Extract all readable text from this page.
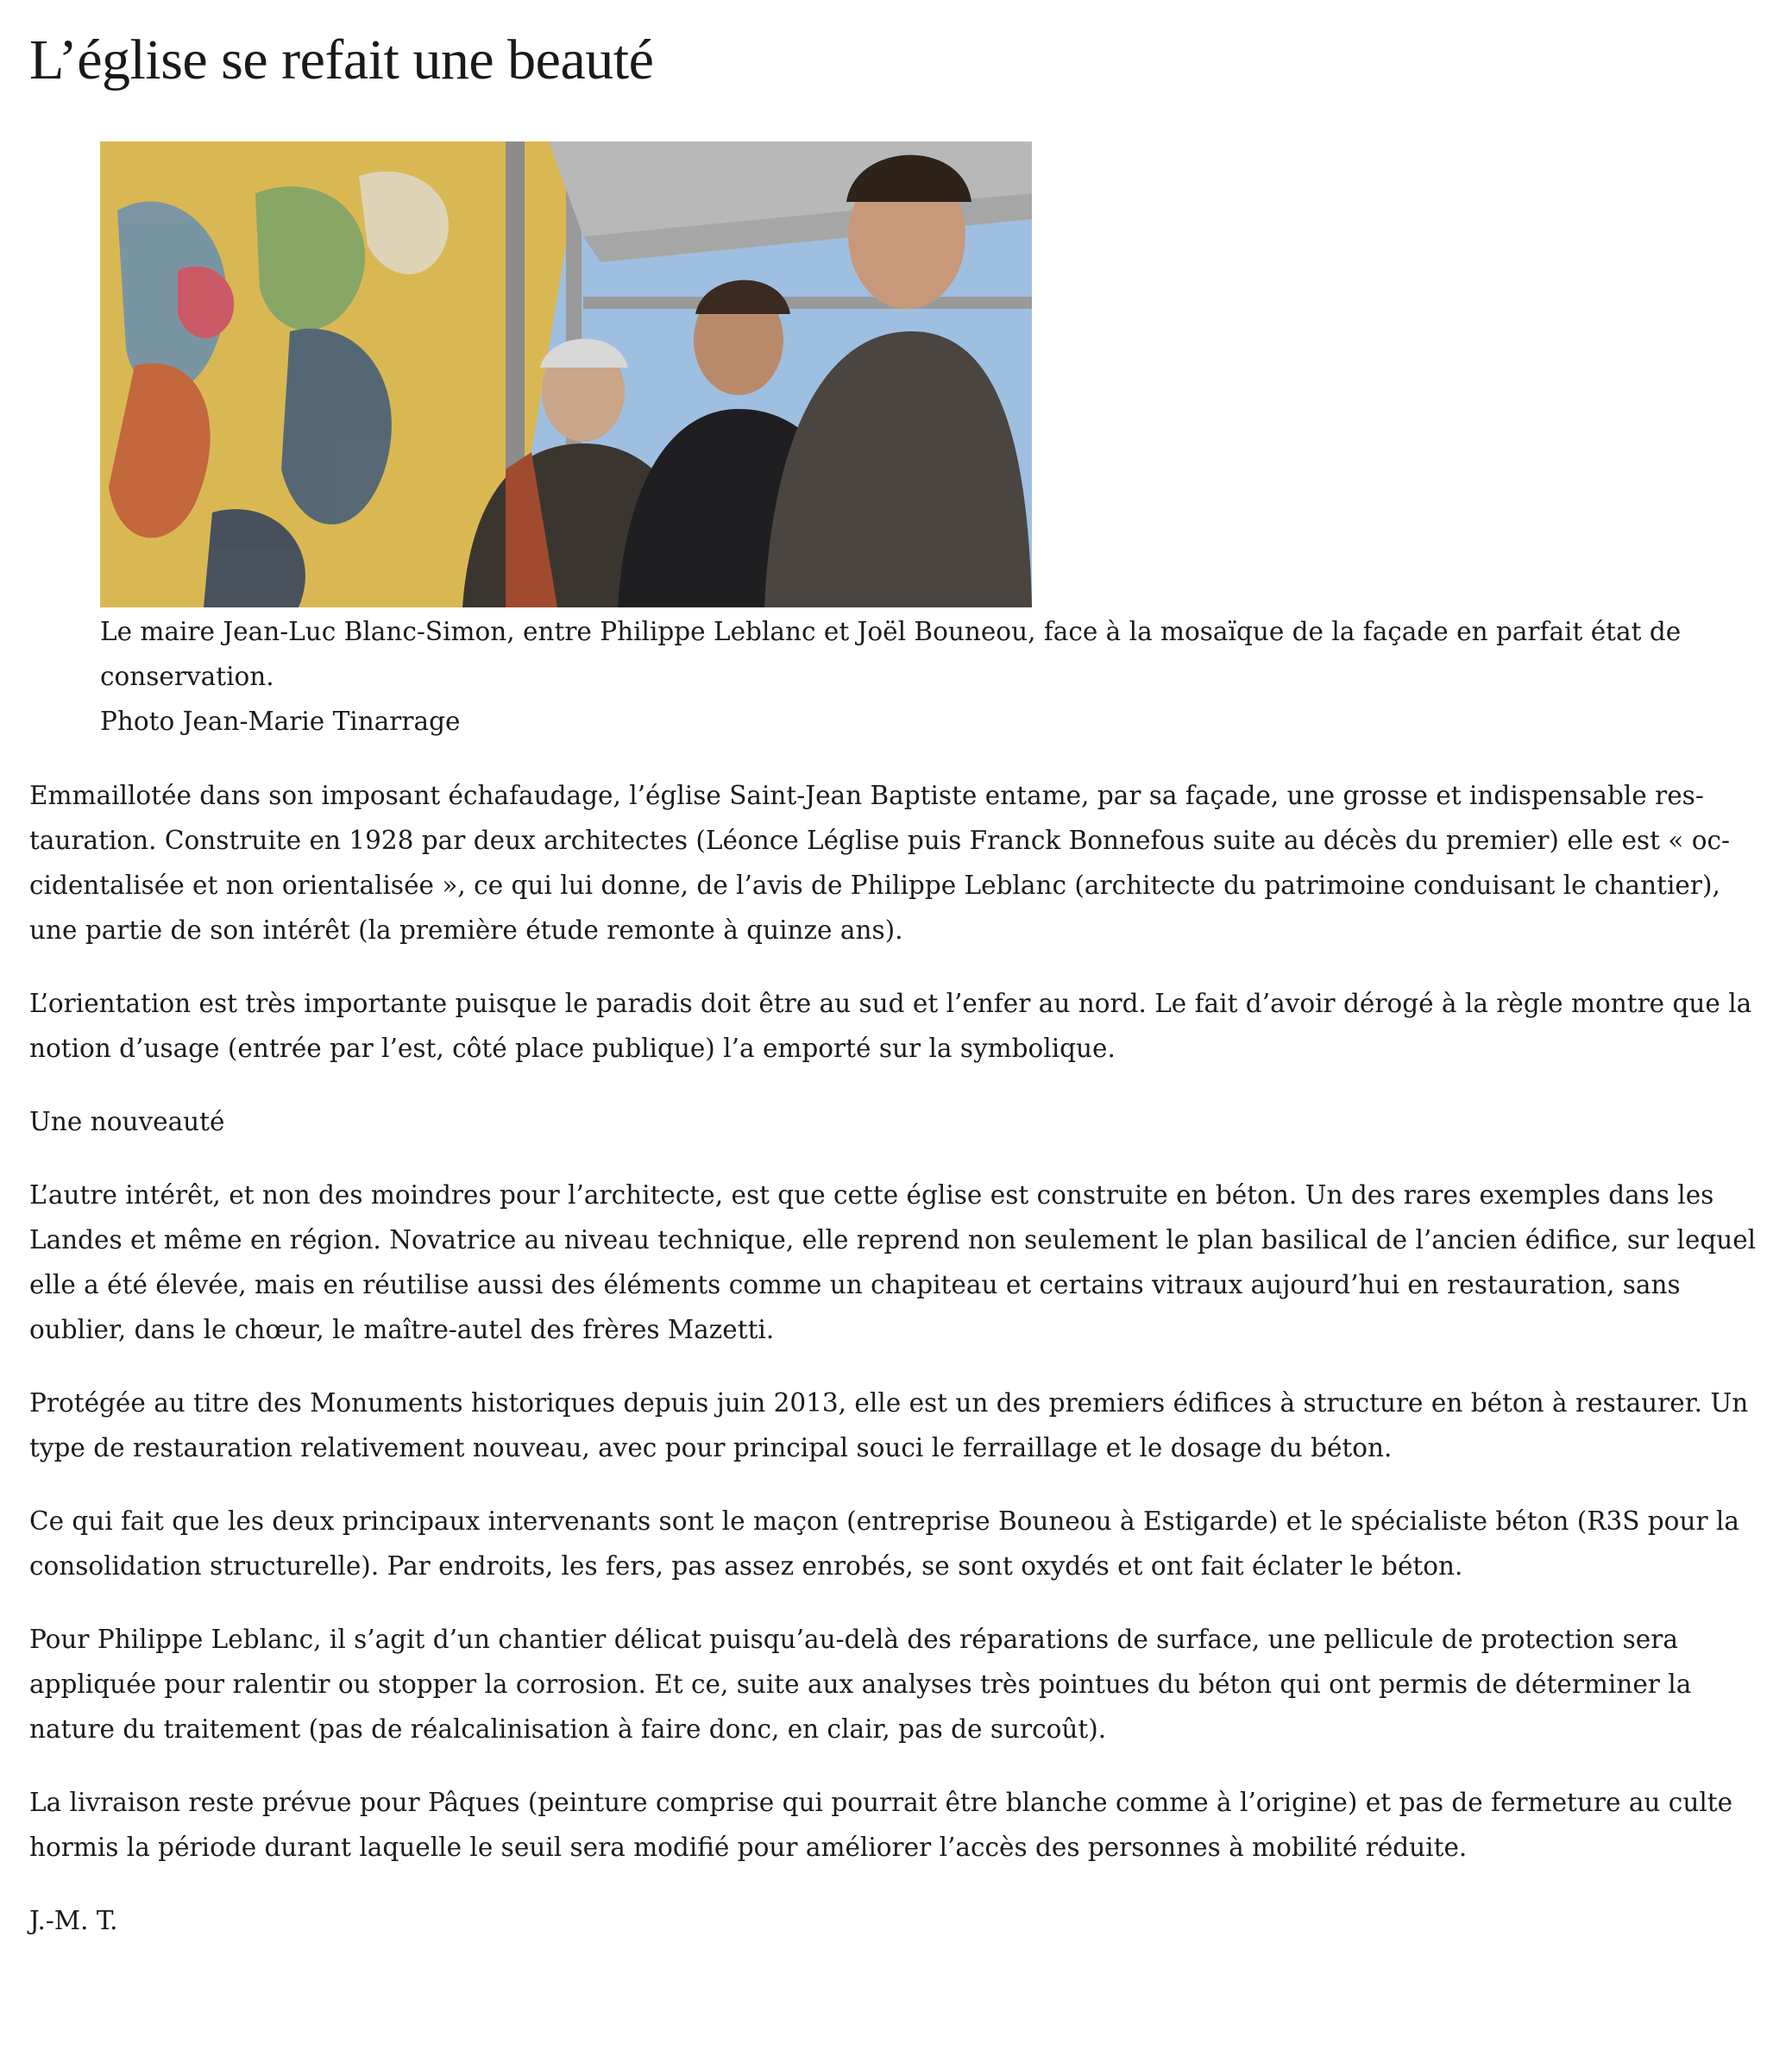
L’église se refait une beauté
Le maire Jean-Luc Blanc-Simon, entre Philippe Leblanc et Joël Bouneou, face à la mosaïque de la façade en parfait état de conservation.
Photo Jean-Marie Tinarrage

Emmaillotée dans son imposant échafaudage, l’église Saint-Jean Baptiste entame, par sa façade, une grosse et indispensable restauration. Construite en 1928 par deux architectes (Léonce Léglise puis Franck Bonnefous suite au décès du premier) elle est « occidentalisée et non orientalisée », ce qui lui donne, de l’avis de Philippe Leblanc (architecte du patrimoine conduisant le chantier), une partie de son intérêt (la première étude remonte à quinze ans).

L’orientation est très importante puisque le paradis doit être au sud et l’enfer au nord. Le fait d’avoir dérogé à la règle montre que la notion d’usage (entrée par l’est, côté place publique) l’a emporté sur la symbolique.

Une nouveauté

L’autre intérêt, et non des moindres pour l’architecte, est que cette église est construite en béton. Un des rares exemples dans les Landes et même en région. Novatrice au niveau technique, elle reprend non seulement le plan basilical de l’ancien édifice, sur lequel elle a été élevée, mais en réutilise aussi des éléments comme un chapiteau et certains vitraux aujourd’hui en restauration, sans oublier, dans le chœur, le maître-autel des frères Mazetti.

Protégée au titre des Monuments historiques depuis juin 2013, elle est un des premiers édifices à structure en béton à restaurer. Un type de restauration relativement nouveau, avec pour principal souci le ferraillage et le dosage du béton.

Ce qui fait que les deux principaux intervenants sont le maçon (entreprise Bouneou à Estigarde) et le spécialiste béton (R3S pour la consolidation structurelle). Par endroits, les fers, pas assez enrobés, se sont oxydés et ont fait éclater le béton.

Pour Philippe Leblanc, il s’agit d’un chantier délicat puisqu’au-delà des réparations de surface, une pellicule de protection sera appliquée pour ralentir ou stopper la corrosion. Et ce, suite aux analyses très pointues du béton qui ont permis de déterminer la nature du traitement (pas de réalcalinisation à faire donc, en clair, pas de surcoût).

La livraison reste prévue pour Pâques (peinture comprise qui pourrait être blanche comme à l’origine) et pas de fermeture au culte hormis la période durant laquelle le seuil sera modifié pour améliorer l’accès des personnes à mobilité réduite.

J.-M. T.
